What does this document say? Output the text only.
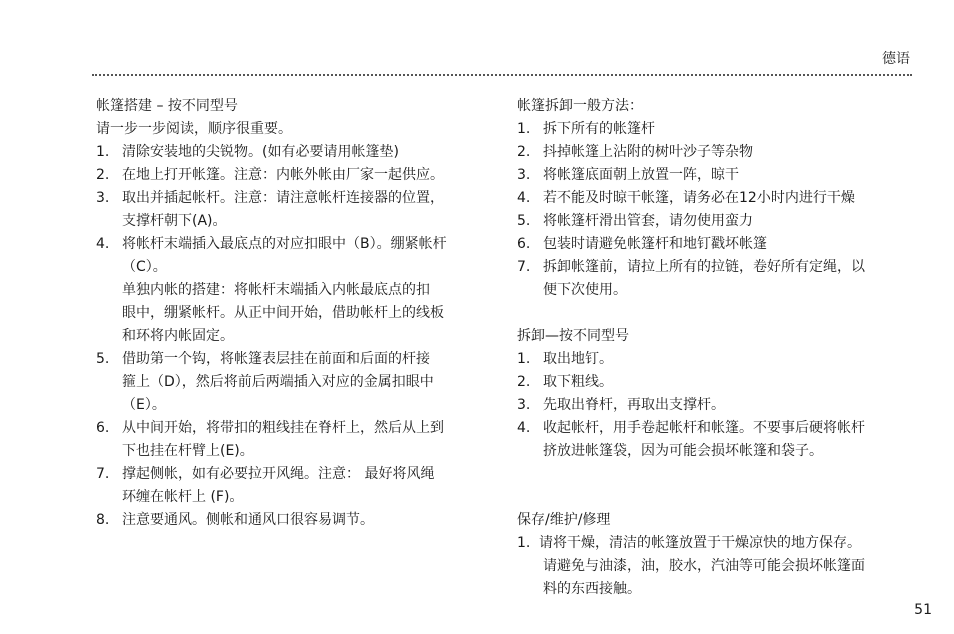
德语
帐篷搭建 – 按不同型号
请一步一步阅读，顺序很重要。
1. 清除安装地的尖锐物。(如有必要请用帐篷垫)
2. 在地上打开帐篷。注意：内帐外帐由厂家一起供应。
3. 取出并插起帐杆。注意：请注意帐杆连接器的位置，
支撑杆朝下(A)。
4. 将帐杆末端插入最底点的对应扣眼中（B）。绷紧帐杆
（C）。
单独内帐的搭建：将帐杆末端插入内帐最底点的扣
眼中，绷紧帐杆。从正中间开始，借助帐杆上的线板
和环将内帐固定。
5. 借助第一个钩，将帐篷表层挂在前面和后面的杆接
箍上（D），然后将前后两端插入对应的金属扣眼中
（E）。
6. 从中间开始，将带扣的粗线挂在脊杆上，然后从上到
下也挂在杆臂上(E)。
7. 撑起侧帐，如有必要拉开风绳。注意： 最好将风绳
环缠在帐杆上 (F)。
8. 注意要通风。侧帐和通风口很容易调节。
帐篷拆卸一般方法：
1. 拆下所有的帐篷杆
2. 抖掉帐篷上沾附的树叶沙子等杂物
3. 将帐篷底面朝上放置一阵，晾干
4. 若不能及时晾干帐篷，请务必在12小时内进行干燥
5. 将帐篷杆滑出管套，请勿使用蛮力
6. 包装时请避免帐篷杆和地钉戳坏帐篷
7. 拆卸帐篷前，请拉上所有的拉链，卷好所有定绳，以
便下次使用。
拆卸—按不同型号
1. 取出地钉。
2. 取下粗线。
3. 先取出脊杆，再取出支撑杆。
4. 收起帐杆，用手卷起帐杆和帐篷。不要事后硬将帐杆
挤放进帐篷袋，因为可能会损坏帐篷和袋子。
保存/维护/修理
1. 请将干燥，清洁的帐篷放置于干燥凉快的地方保存。
请避免与油漆，油，胶水，汽油等可能会损坏帐篷面
料的东西接触。
51
